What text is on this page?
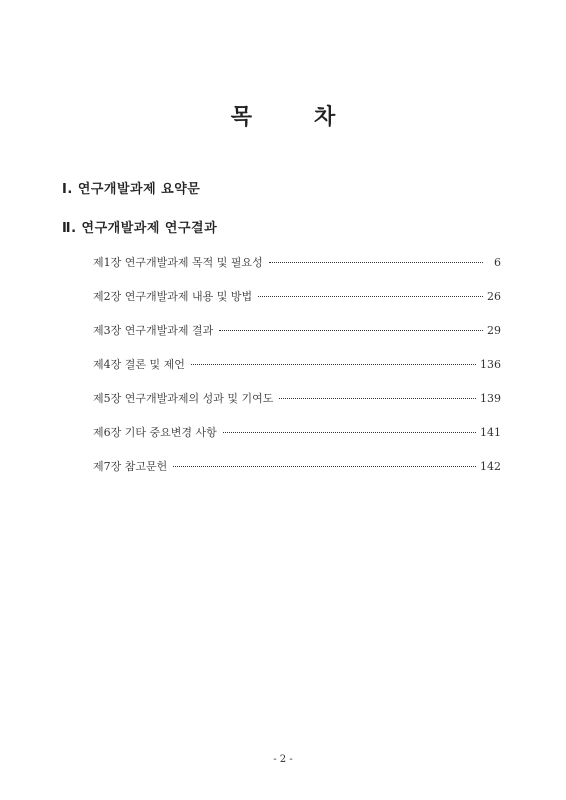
목	차
Ⅰ. 연구개발과제 요약문
Ⅱ. 연구개발과제 연구결과
제1장 연구개발과제 목적 및 필요성	6
제2장 연구개발과제 내용 및 방법	26
제3장 연구개발과제 결과	29
제4장 결론 및 제언	136
제5장 연구개발과제의 성과 및 기여도	139
제6장 기타 중요변경 사항	141
제7장 참고문헌	142
- 2 -
